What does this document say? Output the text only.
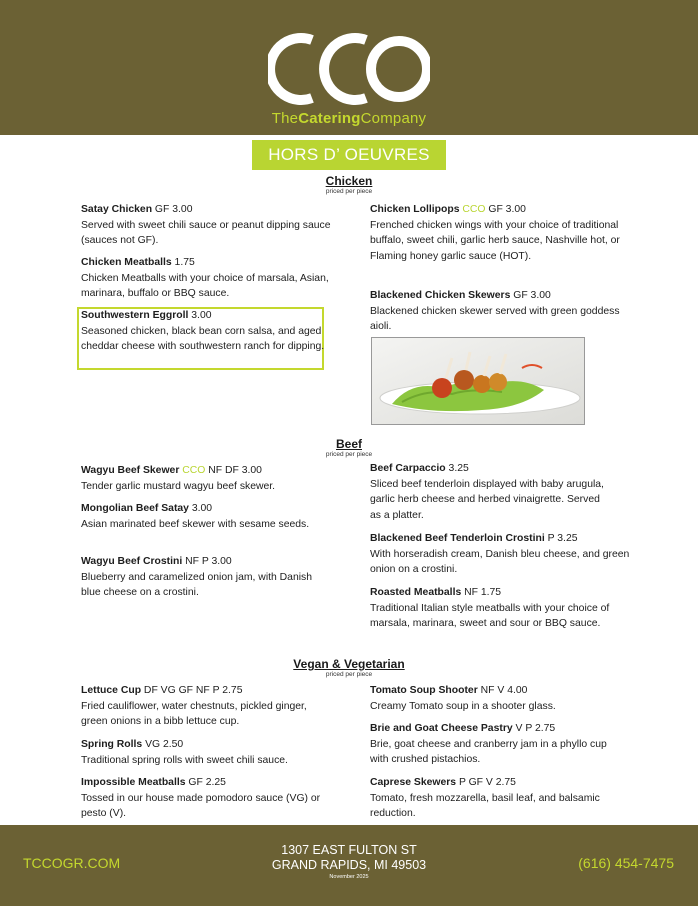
TheCateringCompany
HORS D’ OEUVRES
Chicken
priced per piece
Satay Chicken GF 3.00
Served with sweet chili sauce or peanut dipping sauce (sauces not GF).
Chicken Meatballs 1.75
Chicken Meatballs with your choice of marsala, Asian, marinara, buffalo or BBQ sauce.
Southwestern Eggroll 3.00
Seasoned chicken, black bean corn salsa, and aged cheddar cheese with southwestern ranch for dipping.
Chicken Lollipops CCO GF 3.00
Frenched chicken wings with your choice of traditional buffalo, sweet chili, garlic herb sauce, Nashville hot, or Flaming honey garlic sauce (HOT).
Blackened Chicken Skewers GF 3.00
Blackened chicken skewer served with green goddess aioli.
Beef
priced per piece
Wagyu Beef Skewer CCO NF DF 3.00
Tender garlic mustard wagyu beef skewer.
Mongolian Beef Satay 3.00
Asian marinated beef skewer with sesame seeds.
Wagyu Beef Crostini NF P 3.00
Blueberry and caramelized onion jam, with Danish blue cheese on a crostini.
Beef Carpaccio 3.25
Sliced beef tenderloin displayed with baby arugula, garlic herb cheese and herbed vinaigrette. Served as a platter.
Blackened Beef Tenderloin Crostini P 3.25
With horseradish cream, Danish bleu cheese, and green onion on a crostini.
Roasted Meatballs NF 1.75
Traditional Italian style meatballs with your choice of marsala, marinara, sweet and sour or BBQ sauce.
Vegan & Vegetarian
priced per piece
Lettuce Cup DF VG GF NF P 2.75
Fried cauliflower, water chestnuts, pickled ginger, green onions in a bibb lettuce cup.
Spring Rolls VG 2.50
Traditional spring rolls with sweet chili sauce.
Impossible Meatballs GF 2.25
Tossed in our house made pomodoro sauce (VG) or pesto (V).
Tomato Soup Shooter NF V 4.00
Creamy Tomato soup in a shooter glass.
Brie and Goat Cheese Pastry V P 2.75
Brie, goat cheese and cranberry jam in a phyllo cup with crushed pistachios.
Caprese Skewers P GF V 2.75
Tomato, fresh mozzarella, basil leaf, and balsamic reduction.
TCCOGR.COM
1307 EAST FULTON ST
GRAND RAPIDS, MI 49503
November 2025
(616) 454-7475
